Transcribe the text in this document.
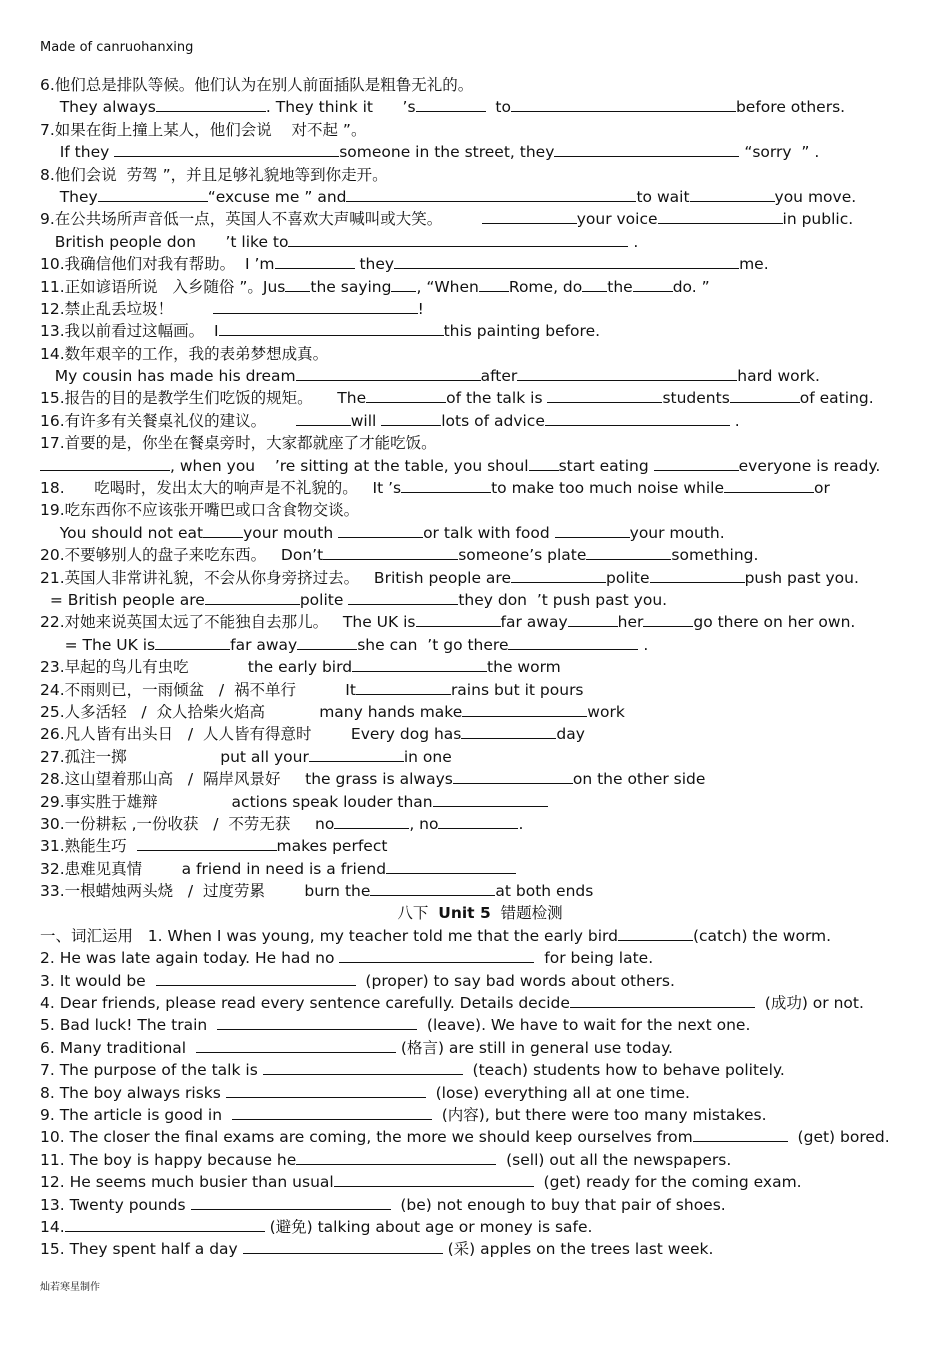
Made of canruohanxing
6.他们总是排队等候。他们认为在别人前面插队是粗鲁无礼的。
They always	. They think it      ’s	to	before others.
7.如果在街上撞上某人，他们会说    对不起 ”。
If they	someone in the street, they	“sorry  ” .
8.他们会说  劳驾 ”，并且足够礼貌地等到你走开。
They	“excuse me ” and	to wait	you move.
9.在公共场所声音低一点，英国人不喜欢大声喊叫或大笑。	your voice	in public.
British people don      ’t like to	.
10.我确信他们对我有帮助。  I ’m	they	me.
11.正如谚语所说   入乡随俗 ”。Jus the saying , “When Rome, do the	do. ”
12.禁止乱丢垃圾！	!
13.我以前看过这幅画。  I	this painting before.
14.数年艰辛的工作，我的表弟梦想成真。
My cousin has made his dream	after	hard work.
15.报告的目的是教学生们吃饭的规矩。     The	of the talk is	students	of eating.
16.有许多有关餐桌礼仪的建议。	will	lots of advice	.
17.首要的是，你坐在餐桌旁时，大家都就座了才能吃饭。
, when you    ’re sitting at the table, you shoul start eating	everyone is ready.
18.      吃喝时，发出太大的响声是不礼貌的。   It ’s	to make too much noise while	or
19.吃东西你不应该张开嘴巴或口含食物交谈。
You should not eat	your mouth	or talk with food	your mouth.
20.不要够别人的盘子来吃东西。   Don’t	someone’s plate	something.
21.英国人非常讲礼貌，不会从你身旁挤过去。   British people are	polite	push past you.
= British people are	polite	they don  ’t push past you.
22.对她来说英国太远了不能独自去那儿。   The UK is	far away	her	go there on her own.
= The UK is	far away	she can  ’t go there	.
23.早起的鸟儿有虫吃            the early bird	the worm
24.不雨则已，一雨倾盆   /  祸不单行          It	rains but it pours
25.人多活轻   /  众人拾柴火焰高           many hands make	work
26.凡人皆有出头日   /  人人皆有得意时        Every dog has	day
27.孤注一掷                   put all your	in one
28.这山望着那山高   /  隔岸风景好     the grass is always	on the other side
29.事实胜于雄辩               actions speak louder than
30.一份耕耘 ,一份收获   /  不劳无获     no	, no	.
31.熟能生巧	makes perfect
32.患难见真情        a friend in need is a friend
33.一根蜡烛两头烧   /  过度劳累        burn the	at both ends
八下  Unit 5  错题检测
一、词汇运用   1. When I was young, my teacher told me that the early bird	(catch) the worm.
2. He was late again today. He had no	for being late.
3. It would be	(proper) to say bad words about others.
4. Dear friends, please read every sentence carefully. Details decide	(成功) or not.
5. Bad luck! The train	(leave). We have to wait for the next one.
6. Many traditional	(格言) are still in general use today.
7. The purpose of the talk is	(teach) students how to behave politely.
8. The boy always risks	(lose) everything all at one time.
9. The article is good in	(内容), but there were too many mistakes.
10. The closer the final exams are coming, the more we should keep ourselves from	(get) bored.
11. The boy is happy because he	(sell) out all the newspapers.
12. He seems much busier than usual	(get) ready for the coming exam.
13. Twenty pounds	(be) not enough to buy that pair of shoes.
14.	(避免) talking about age or money is safe.
15. They spent half a day	(采) apples on the trees last week.
灿若寒星制作
